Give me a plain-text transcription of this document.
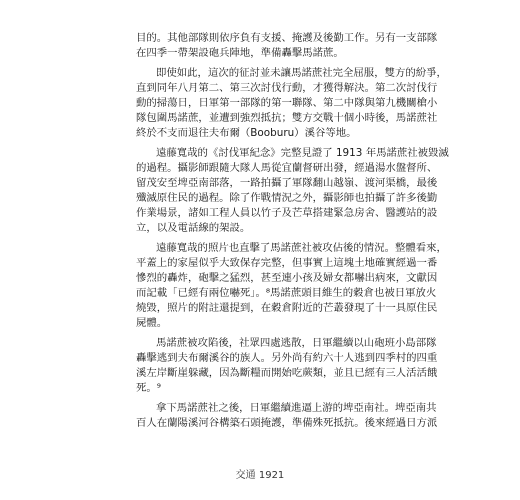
目的。其他部隊則依序負有支援、掩護及後勤工作。另有一支部隊
在四季一帶架設砲兵陣地，準備轟擊馬諾蔗。
即使如此，這次的征討並未讓馬諾蔗社完全屈服，雙方的紛爭，
直到同年八月第二、第三次討伐行動，才獲得解決。第二次討伐行
動的掃蕩日，日軍第一部隊的第一聯隊、第二中隊與第九機關槍小
隊包圍馬諾蔗，並遭到強烈抵抗；雙方交戰十個小時後，馬諾蔗社
終於不支而退往夫布爾（Booburu）溪谷等地。
遠藤寬哉的《討伐軍紀念》完整見證了 1913 年馬諾蔗社被毀滅
的過程。攝影師跟隨大隊人馬從宜蘭督研出發，經過湯水盤督所、
留茂安至埤亞南部落，一路拍攝了軍隊翻山越嶺、渡河渠橋，最後
殲滅原住民的過程。除了作戰情況之外，攝影師也拍攝了許多後勤
作業場景，諸如工程人員以竹子及芒草搭建緊急房舍、醫護站的設
立，以及電話線的架設。
遠藤寬哉的照片也直擊了馬諾蔗社被攻佔後的情況。整體看來，
平蓋上的家屋似乎大致保存完整，但事實上這塊土地確實經過一番
慘烈的轟炸，砲擊之猛烈，甚至連小孩及婦女都嚇出病來，文獻因
而記載「已經有兩位嚇死」。⁸馬諾蔗頭目維生的穀倉也被日軍放火
燒毀，照片的附註還提到，在穀倉附近的芒叢發現了十一具原住民
屍體。
馬諾蔗被攻陷後，社眾四處逃散，日軍繼續以山砲班小島部隊
轟擊逃到夫布爾溪谷的族人。另外尚有約六十人逃到四季村的四重
溪左岸斷崖躲藏，因為斷糧而開始吃蕨類，並且已經有三人活活餓
死。⁹
拿下馬諾蔗社之後，日軍繼續進逼上游的埤亞南社。埤亞南共
百人在蘭陽溪河谷構築石頭掩護，準備殊死抵抗。後來經過日方派
交通 1921
